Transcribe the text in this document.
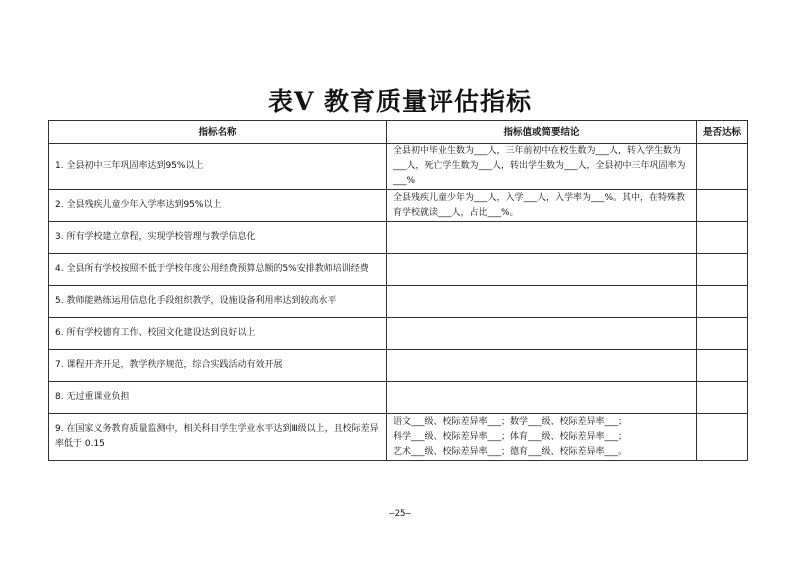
表Ⅴ 教育质量评估指标
指标名称	指标值或简要结论	是否达标
1. 全县初中三年巩固率达到95%以上	全县初中毕业生数为___人，三年前初中在校生数为___人，转入学生数为___人，死亡学生数为___人，转出学生数为___人，全县初中三年巩固率为___%	

2. 全县残疾儿童少年入学率达到95%以上	全县残疾儿童少年为___人，入学___人，入学率为___%。其中，在特殊教育学校就读___人，占比___%。	

3. 所有学校建立章程，实现学校管理与教学信息化		
4. 全县所有学校按照不低于学校年度公用经费预算总额的5%安排教师培训经费		
5. 教师能熟练运用信息化手段组织教学，设施设备利用率达到较高水平		
6. 所有学校德育工作、校园文化建设达到良好以上		
7. 课程开齐开足，教学秩序规范，综合实践活动有效开展		
8. 无过重课业负担		
9. 在国家义务教育质量监测中，相关科目学生学业水平达到Ⅲ级以上，且校际差异率低于 0.15	语文___级、校际差异率___；数学___级、校际差异率___；
科学___级、校际差异率___；体育___级、校际差异率___；
艺术___级、校际差异率___；德育___级、校际差异率___。	

—25—
